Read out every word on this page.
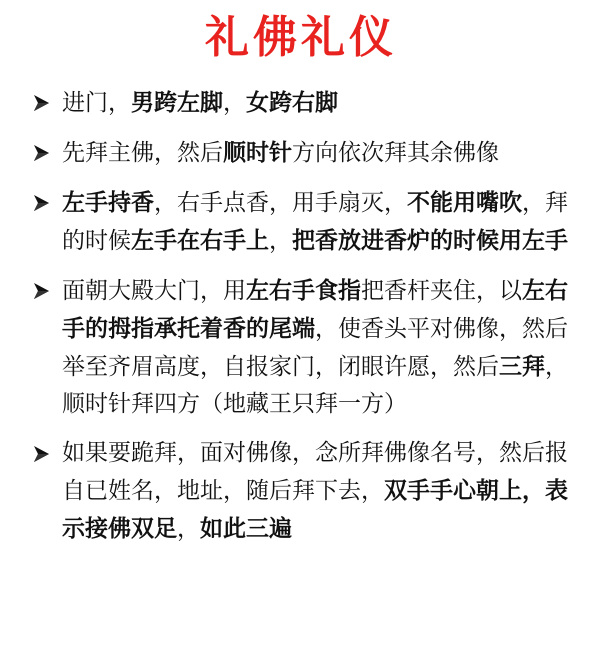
礼佛礼仪
进门，男跨左脚，女跨右脚
先拜主佛，然后顺时针方向依次拜其余佛像
左手持香，右手点香，用手扇灭，不能用嘴吹，拜的时候左手在右手上，把香放进香炉的时候用左手
面朝大殿大门，用左右手食指把香杆夹住，以左右手的拇指承托着香的尾端，使香头平对佛像，然后举至齐眉高度，自报家门，闭眼许愿，然后三拜，顺时针拜四方（地藏王只拜一方）
如果要跪拜，面对佛像，念所拜佛像名号，然后报自已姓名，地址，随后拜下去，双手手心朝上，表示接佛双足，如此三遍
